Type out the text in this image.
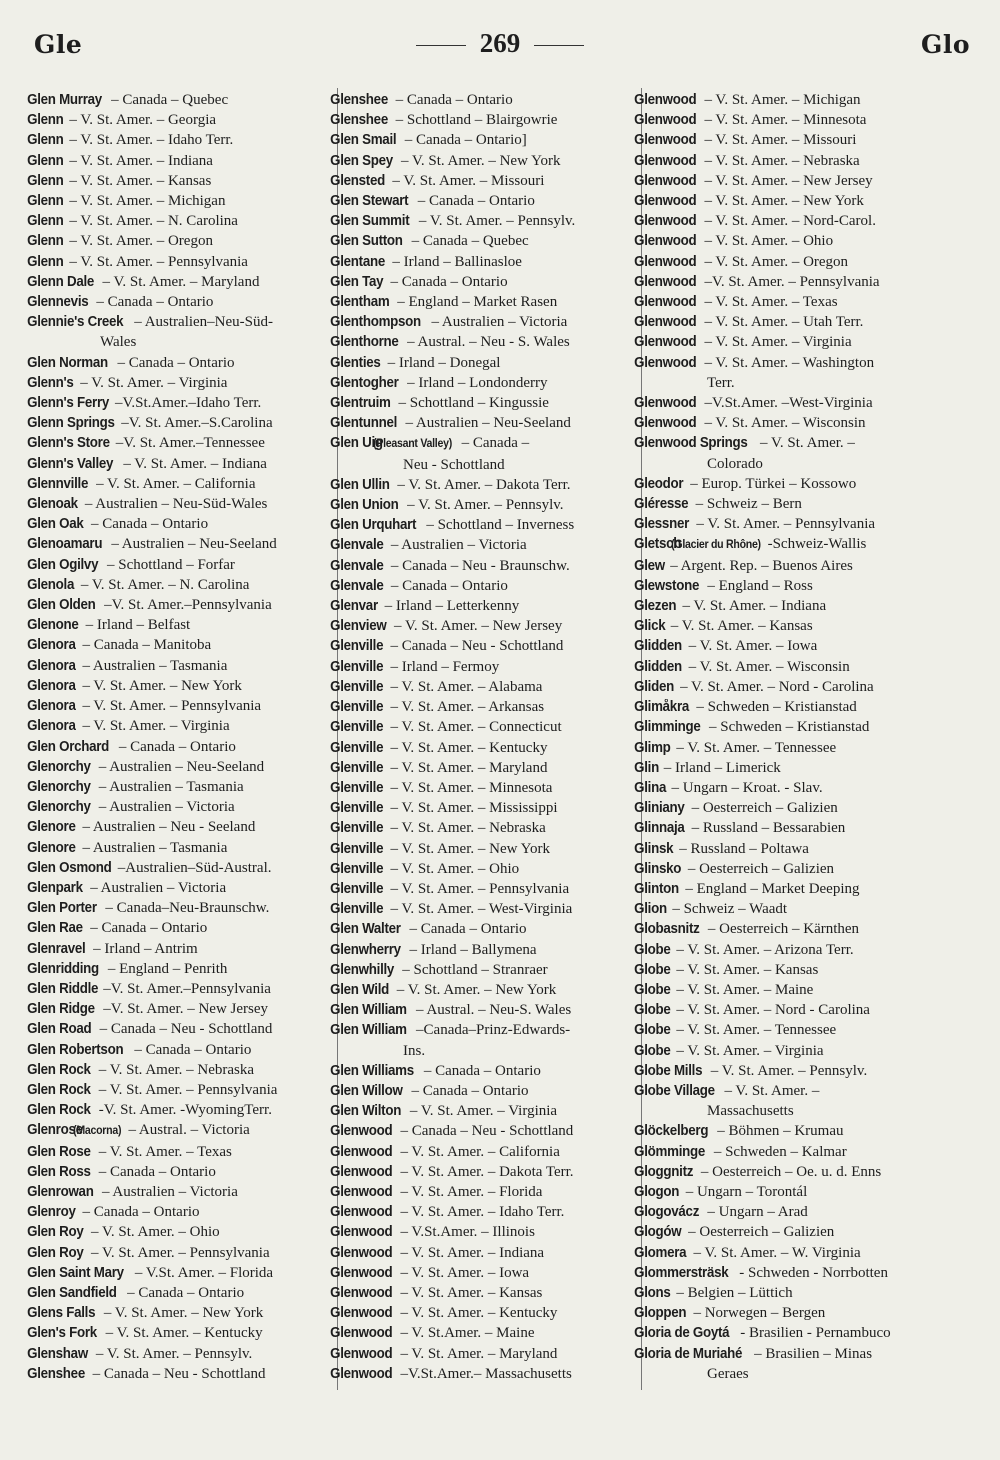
Gle	269	Glo

Glen Murray – Canada – Quebec

Glenn – V. St. Amer. – Georgia

Glenn – V. St. Amer. – Idaho Terr.

Glenn – V. St. Amer. – Indiana

Glenn – V. St. Amer. – Kansas

Glenn – V. St. Amer. – Michigan

Glenn – V. St. Amer. – N. Carolina

Glenn – V. St. Amer. – Oregon

Glenn – V. St. Amer. – Pennsylvania

Glenn Dale – V. St. Amer. – Maryland

Glennevis – Canada – Ontario

Glennie's Creek – Australien–Neu-Süd-

Wales

Glen Norman – Canada – Ontario

Glenn's – V. St. Amer. – Virginia

Glenn's Ferry –V.St.Amer.–Idaho Terr.

Glenn Springs –V. St. Amer.–S.Carolina

Glenn's Store –V. St. Amer.–Tennessee

Glenn's Valley – V. St. Amer. – Indiana

Glennville – V. St. Amer. – California

Glenoak – Australien – Neu-Süd-Wales

Glen Oak – Canada – Ontario

Glenoamaru – Australien – Neu-Seeland

Glen Ogilvy – Schottland – Forfar

Glenola – V. St. Amer. – N. Carolina

Glen Olden –V. St. Amer.–Pennsylvania

Glenone – Irland – Belfast

Glenora – Canada – Manitoba

Glenora – Australien – Tasmania

Glenora – V. St. Amer. – New York

Glenora – V. St. Amer. – Pennsylvania

Glenora – V. St. Amer. – Virginia

Glen Orchard – Canada – Ontario

Glenorchy – Australien – Neu-Seeland

Glenorchy – Australien – Tasmania

Glenorchy – Australien – Victoria

Glenore – Australien – Neu - Seeland

Glenore – Australien – Tasmania

Glen Osmond –Australien–Süd-Austral.

Glenpark – Australien – Victoria

Glen Porter – Canada–Neu-Braunschw.

Glen Rae – Canada – Ontario

Glenravel – Irland – Antrim

Glenridding – England – Penrith

Glen Riddle –V. St. Amer.–Pennsylvania

Glen Ridge –V. St. Amer. – New Jersey

Glen Road – Canada – Neu - Schottland

Glen Robertson – Canada – Ontario

Glen Rock – V. St. Amer. – Nebraska

Glen Rock – V. St. Amer. – Pennsylvania

Glen Rock -V. St. Amer. -WyomingTerr.

Glenrose(Macorna) – Austral. – Victoria

Glen Rose – V. St. Amer. – Texas

Glen Ross – Canada – Ontario

Glenrowan – Australien – Victoria

Glenroy – Canada – Ontario

Glen Roy – V. St. Amer. – Ohio

Glen Roy – V. St. Amer. – Pennsylvania

Glen Saint Mary – V.St. Amer. – Florida

Glen Sandfield – Canada – Ontario

Glens Falls – V. St. Amer. – New York

Glen's Fork – V. St. Amer. – Kentucky

Glenshaw – V. St. Amer. – Pennsylv.

Glenshee – Canada – Neu - Schottland

Glenshee – Canada – Ontario

Glenshee – Schottland – Blairgowrie

Glen Smail – Canada – Ontario]

Glen Spey – V. St. Amer. – New York

Glensted – V. St. Amer. – Missouri

Glen Stewart – Canada – Ontario

Glen Summit – V. St. Amer. – Pennsylv.

Glen Sutton – Canada – Quebec

Glentane – Irland – Ballinasloe

Glen Tay – Canada – Ontario

Glentham – England – Market Rasen

Glenthompson – Australien – Victoria

Glenthorne – Austral. – Neu - S. Wales

Glenties – Irland – Donegal

Glentogher – Irland – Londonderry

Glentruim – Schottland – Kingussie

Glentunnel – Australien – Neu-Seeland

Glen Uig(Pleasant Valley) – Canada –

Neu - Schottland

Glen Ullin – V. St. Amer. – Dakota Terr.

Glen Union – V. St. Amer. – Pennsylv.

Glen Urquhart – Schottland – Inverness

Glenvale – Australien – Victoria

Glenvale – Canada – Neu - Braunschw.

Glenvale – Canada – Ontario

Glenvar – Irland – Letterkenny

Glenview – V. St. Amer. – New Jersey

Glenville – Canada – Neu - Schottland

Glenville – Irland – Fermoy

Glenville – V. St. Amer. – Alabama

Glenville – V. St. Amer. – Arkansas

Glenville – V. St. Amer. – Connecticut

Glenville – V. St. Amer. – Kentucky

Glenville – V. St. Amer. – Maryland

Glenville – V. St. Amer. – Minnesota

Glenville – V. St. Amer. – Mississippi

Glenville – V. St. Amer. – Nebraska

Glenville – V. St. Amer. – New York

Glenville – V. St. Amer. – Ohio

Glenville – V. St. Amer. – Pennsylvania

Glenville – V. St. Amer. – West-Virginia

Glen Walter – Canada – Ontario

Glenwherry – Irland – Ballymena

Glenwhilly – Schottland – Stranraer

Glen Wild – V. St. Amer. – New York

Glen William – Austral. – Neu-S. Wales

Glen William –Canada–Prinz-Edwards-

Ins.

Glen Williams – Canada – Ontario

Glen Willow – Canada – Ontario

Glen Wilton – V. St. Amer. – Virginia

Glenwood – Canada – Neu - Schottland

Glenwood – V. St. Amer. – California

Glenwood – V. St. Amer. – Dakota Terr.

Glenwood – V. St. Amer. – Florida

Glenwood – V. St. Amer. – Idaho Terr.

Glenwood – V.St.Amer. – Illinois

Glenwood – V. St. Amer. – Indiana

Glenwood – V. St. Amer. – Iowa

Glenwood – V. St. Amer. – Kansas

Glenwood – V. St. Amer. – Kentucky

Glenwood – V. St.Amer. – Maine

Glenwood – V. St. Amer. – Maryland

Glenwood –V.St.Amer.– Massachusetts

Glenwood – V. St. Amer. – Michigan

Glenwood – V. St. Amer. – Minnesota

Glenwood – V. St. Amer. – Missouri

Glenwood – V. St. Amer. – Nebraska

Glenwood – V. St. Amer. – New Jersey

Glenwood – V. St. Amer. – New York

Glenwood – V. St. Amer. – Nord-Carol.

Glenwood – V. St. Amer. – Ohio

Glenwood – V. St. Amer. – Oregon

Glenwood –V. St. Amer. – Pennsylvania

Glenwood – V. St. Amer. – Texas

Glenwood – V. St. Amer. – Utah Terr.

Glenwood – V. St. Amer. – Virginia

Glenwood – V. St. Amer. – Washington

Terr.

Glenwood –V.St.Amer. –West-Virginia

Glenwood – V. St. Amer. – Wisconsin

Glenwood Springs – V. St. Amer. –

Colorado

Gleodor – Europ. Türkei – Kossowo

Gléresse – Schweiz – Bern

Glessner – V. St. Amer. – Pennsylvania

Gletsch(Glacier du Rhône) -Schweiz-Wallis

Glew – Argent. Rep. – Buenos Aires

Glewstone – England – Ross

Glezen – V. St. Amer. – Indiana

Glick – V. St. Amer. – Kansas

Glidden – V. St. Amer. – Iowa

Glidden – V. St. Amer. – Wisconsin

Gliden – V. St. Amer. – Nord - Carolina

Glimåkra – Schweden – Kristianstad

Glimminge – Schweden – Kristianstad

Glimp – V. St. Amer. – Tennessee

Glin – Irland – Limerick

Glina – Ungarn – Kroat. - Slav.

Gliniany – Oesterreich – Galizien

Glinnaja – Russland – Bessarabien

Glinsk – Russland – Poltawa

Glinsko – Oesterreich – Galizien

Glinton – England – Market Deeping

Glion – Schweiz – Waadt

Globasnitz – Oesterreich – Kärnthen

Globe – V. St. Amer. – Arizona Terr.

Globe – V. St. Amer. – Kansas

Globe – V. St. Amer. – Maine

Globe – V. St. Amer. – Nord - Carolina

Globe – V. St. Amer. – Tennessee

Globe – V. St. Amer. – Virginia

Globe Mills – V. St. Amer. – Pennsylv.

Globe Village – V. St. Amer. –

Massachusetts

Glöckelberg – Böhmen – Krumau

Glömminge – Schweden – Kalmar

Gloggnitz – Oesterreich – Oe. u. d. Enns

Glogon – Ungarn – Torontál

Glogovácz – Ungarn – Arad

Glogów – Oesterreich – Galizien

Glomera – V. St. Amer. – W. Virginia

Glommersträsk - Schweden - Norrbotten

Glons – Belgien – Lüttich

Gloppen – Norwegen – Bergen

Gloria de Goytá - Brasilien - Pernambuco

Gloria de Muriahé – Brasilien – Minas

Geraes
